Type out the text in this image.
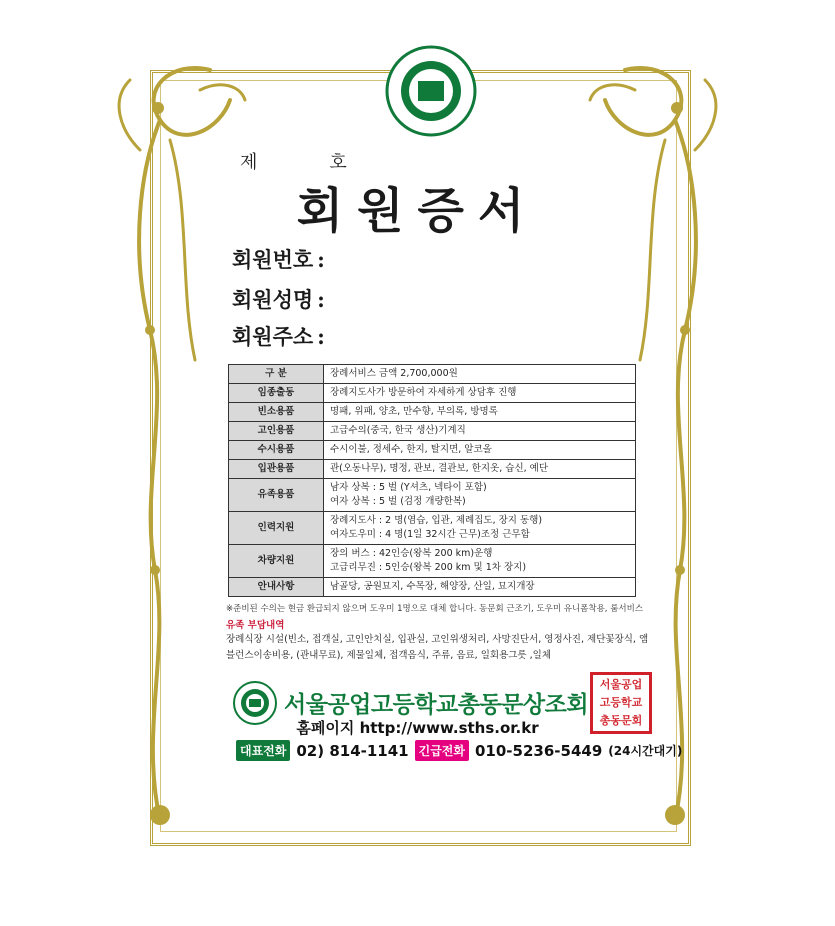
제	호
회원증서
회원번호 :
회원성명 :
회원주소 :
구 분	장례서비스 금액 2,700,000원

임종출동	장례지도사가 방문하여 자세하게 상담후 진행

빈소용품	명패, 위패, 양초, 만수향, 부의록, 방명록

고인용품	고급수의(중국, 한국 생산)기계직

수시용품	수시이불, 정세수, 한지, 탈지면, 알코올

입관용품	관(오동나무), 명정, 관보, 결관보, 한지옷, 습신, 예단

유족용품	남자 상복 : 5 벌 (Y셔츠, 넥타이 포함)
여자 상복 : 5 벌 (검정 개량한복)

인력지원	장례지도사 : 2 명(염습, 입관, 제례집도, 장지 동행)
여자도우미 : 4 명(1일 32시간 근무)조정 근무함

차량지원	장의 버스 : 42인승(왕복 200 km)운행
고급리무진 : 5인승(왕복 200 km 및 1차 장지)

안내사항	남골당, 공원묘지, 수목장, 해양장, 산일, 묘지개장
※준비된 수의는 현금 환급되지 않으며 도우미 1명으로 대체 합니다. 동문회 근조기, 도우미 유니폼착용, 룸서비스
유족 부담내역
장례식장 시설(빈소, 접객실, 고인안치실, 입관실, 고인위생처리, 사망진단서, 영정사진, 제단꽃장식, 앰블런스이송비용, (관내무료), 제물일체, 접객음식, 주류, 음료, 일회용그릇 ,일체
서울공업고등학교총동문상조회
서울공업
고등학교
총동문회
홈페이지 http://www.sths.or.kr
대표전화 02) 814-1141 긴급전화 010-5236-5449 (24시간대기)
